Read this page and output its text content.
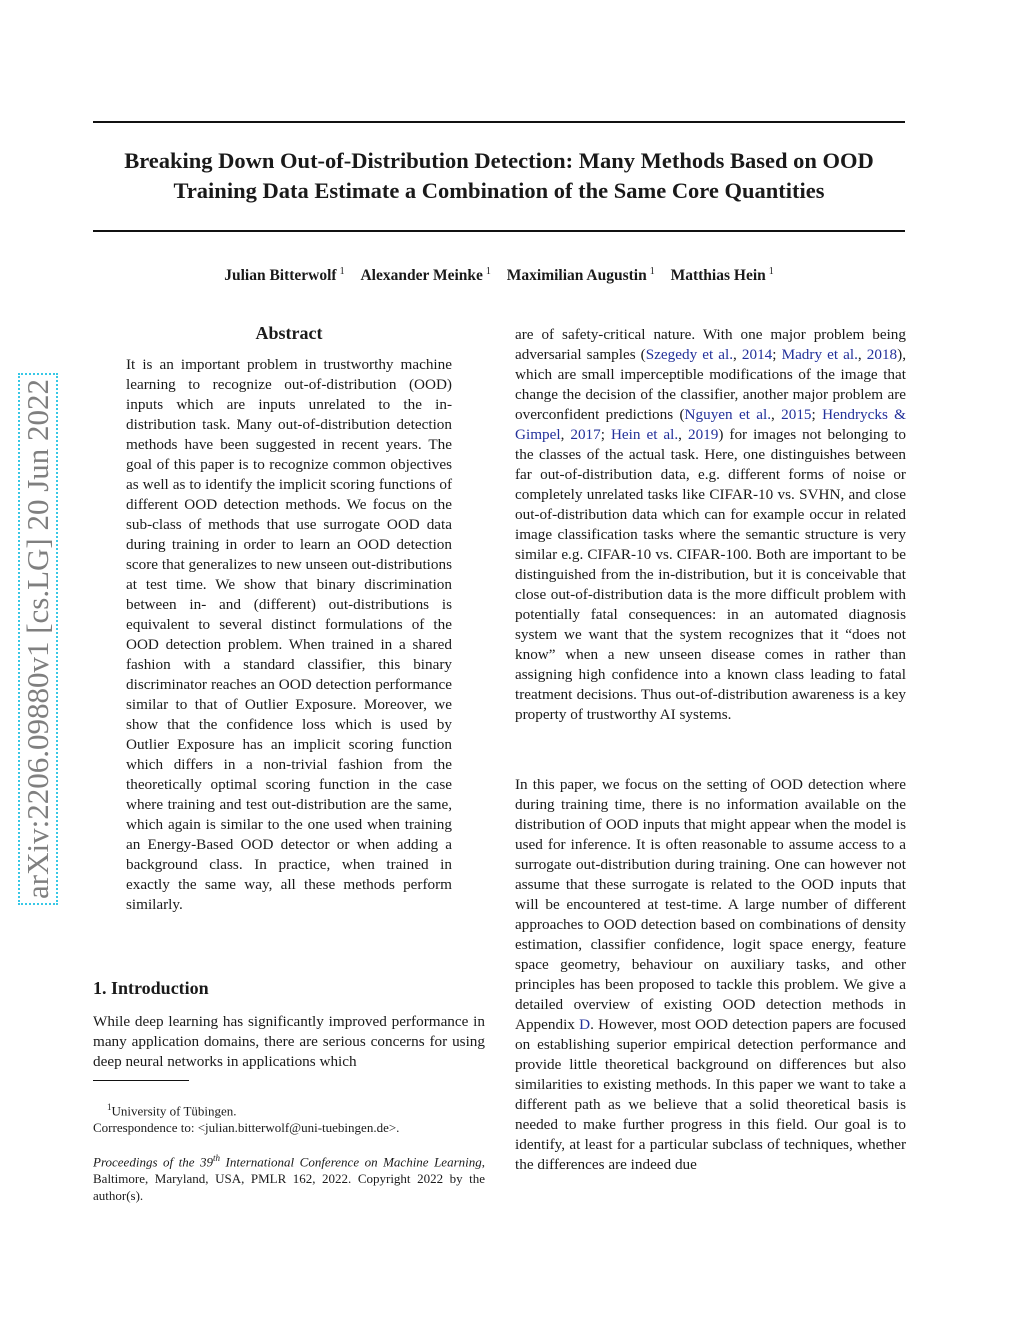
Breaking Down Out-of-Distribution Detection: Many Methods Based on OOD
Training Data Estimate a Combination of the Same Core Quantities
Julian Bitterwolf $^1$ Alexander Meinke $^1$ Maximilian Augustin $^1$ Matthias Hein $^1$
arXiv:2206.09880v1 [cs.LG] 20 Jun 2022
Abstract
It is an important problem in trustworthy machine learning to recognize out-of-distribution (OOD) inputs which are inputs unrelated to the in-distribution task. Many out-of-distribution detection methods have been suggested in recent years. The goal of this paper is to recognize common objectives as well as to identify the implicit scoring functions of different OOD detection methods. We focus on the sub-class of methods that use surrogate OOD data during training in order to learn an OOD detection score that generalizes to new unseen out-distributions at test time. We show that binary discrimination between in- and (different) out-distributions is equivalent to several distinct formulations of the OOD detection problem. When trained in a shared fashion with a standard classifier, this binary discriminator reaches an OOD detection performance similar to that of Outlier Exposure. Moreover, we show that the confidence loss which is used by Outlier Exposure has an implicit scoring function which differs in a non-trivial fashion from the theoretically optimal scoring function in the case where training and test out-distribution are the same, which again is similar to the one used when training an Energy-Based OOD detector or when adding a background class. In practice, when trained in exactly the same way, all these methods perform similarly.
1. Introduction
While deep learning has significantly improved performance in many application domains, there are serious concerns for using deep neural networks in applications which
$^1$University of Tübingen.
Correspondence to: <julian.bitterwolf@uni-tuebingen.de>.
Proceedings of the 39th International Conference on Machine Learning, Baltimore, Maryland, USA, PMLR 162, 2022. Copyright 2022 by the author(s).
are of safety-critical nature. With one major problem being adversarial samples (Szegedy et al., 2014; Madry et al., 2018), which are small imperceptible modifications of the image that change the decision of the classifier, another major problem are overconfident predictions (Nguyen et al., 2015; Hendrycks & Gimpel, 2017; Hein et al., 2019) for images not belonging to the classes of the actual task. Here, one distinguishes between far out-of-distribution data, e.g. different forms of noise or completely unrelated tasks like CIFAR-10 vs. SVHN, and close out-of-distribution data which can for example occur in related image classification tasks where the semantic structure is very similar e.g. CIFAR-10 vs. CIFAR-100. Both are important to be distinguished from the in-distribution, but it is conceivable that close out-of-distribution data is the more difficult problem with potentially fatal consequences: in an automated diagnosis system we want that the system recognizes that it “does not know” when a new unseen disease comes in rather than assigning high confidence into a known class leading to fatal treatment decisions. Thus out-of-distribution awareness is a key property of trustworthy AI systems.
In this paper, we focus on the setting of OOD detection where during training time, there is no information available on the distribution of OOD inputs that might appear when the model is used for inference. It is often reasonable to assume access to a surrogate out-distribution during training. One can however not assume that these surrogate is related to the OOD inputs that will be encountered at test-time. A large number of different approaches to OOD detection based on combinations of density estimation, classifier confidence, logit space energy, feature space geometry, behaviour on auxiliary tasks, and other principles has been proposed to tackle this problem. We give a detailed overview of existing OOD detection methods in Appendix D. However, most OOD detection papers are focused on establishing superior empirical detection performance and provide little theoretical background on differences but also similarities to existing methods. In this paper we want to take a different path as we believe that a solid theoretical basis is needed to make further progress in this field. Our goal is to identify, at least for a particular subclass of techniques, whether the differences are indeed due
